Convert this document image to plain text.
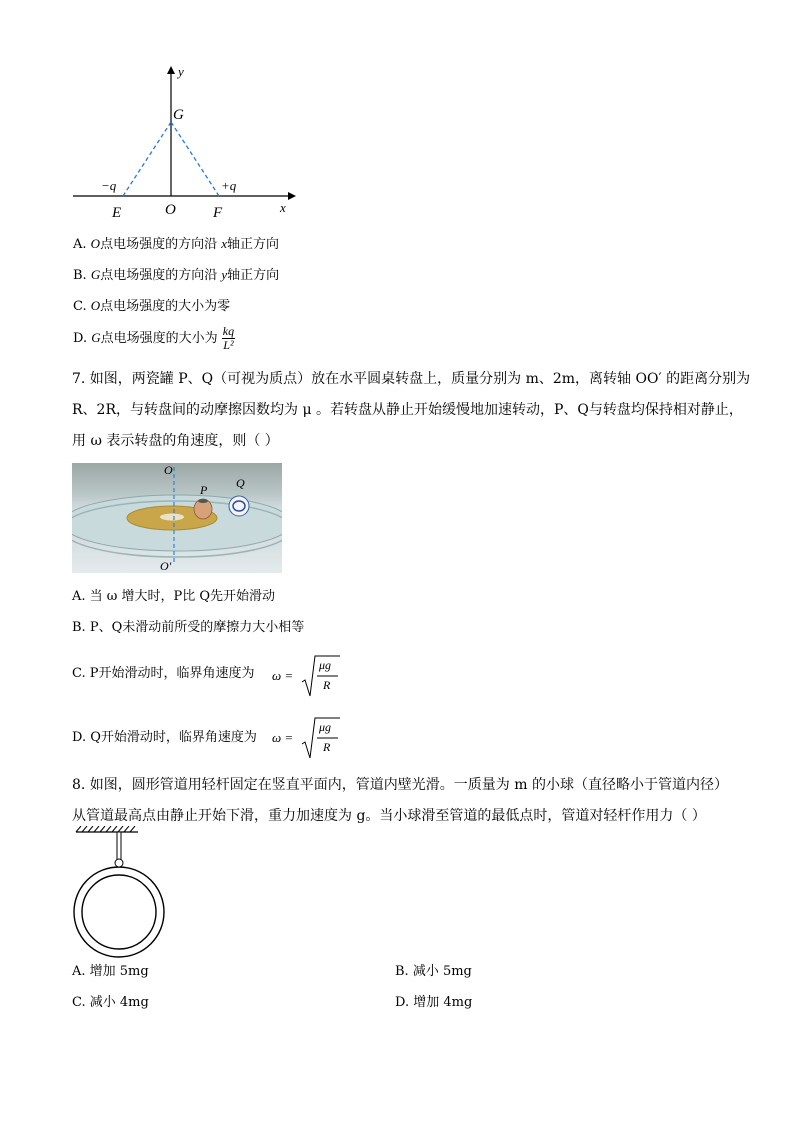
y
x
G
−q	+q
E	O F
A. O点电场强度的方向沿 x轴正方向
B. G点电场强度的方向沿 y轴正方向
C. O点电场强度的大小为零
D. G点电场强度的大小为 $\frac{kq}{\text{L²}}$
7. 如图，两瓷罐 P、Q（可视为质点）放在水平圆桌转盘上，质量分别为 m、2m，离转轴 OO′ 的距离分别为
R、2R，与转盘间的动摩擦因数均为 μ 。若转盘从静止开始缓慢地加速转动，P、Q与转盘均保持相对静止，
用 ω 表示转盘的角速度，则（ ）
O
P Q
O′
A. 当 ω 增大时，P比 Q先开始滑动
B. P、Q未滑动前所受的摩擦力大小相等
C. P开始滑动时，临界角速度为 ω =
μg
R
D. Q开始滑动时，临界角速度为 ω =
μg
R
8. 如图，圆形管道用轻杆固定在竖直平面内，管道内壁光滑。一质量为 m 的小球（直径略小于管道内径）
从管道最高点由静止开始下滑，重力加速度为 g。当小球滑至管道的最低点时，管道对轻杆作用力（ ）
A. 增加 5mg	B. 减小 5mg
C. 减小 4mg	D. 增加 4mg
